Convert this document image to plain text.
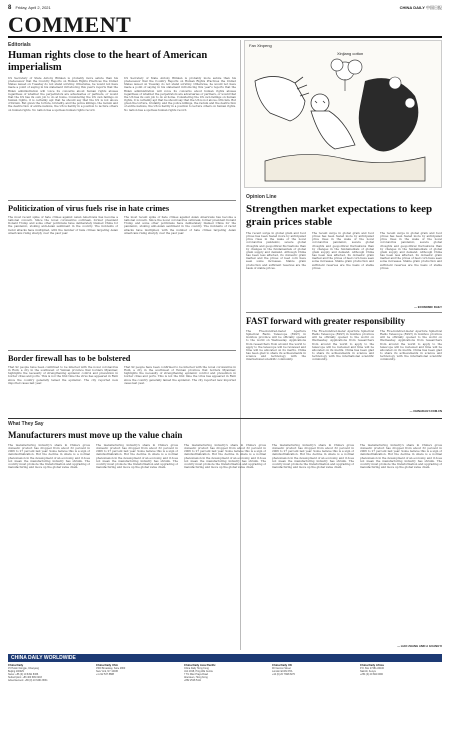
8 Friday, April 2, 2021	CHINA DAILY 中国日报
COMMENT
Editorials
Human rights close to the heart of American imperialism
US Secretary of State Antony Blinken is probably more astute than his predecessor that the Country Reports on Human Rights Practices the United States issued on Tuesday do not stand scrutiny. Otherwise, he would not have made a point of saying in his statement introducing this year's reports that the Biden administration will voice its concerns about human rights abuses regardless of whether the perpetrators are adversaries or partners, or would that the US has its own job to do at home. Considering the US own failings on human rights, it is certainly apt that he should say that the US is not above criticism. But given the torture, brutality, and the police killings, the racism and the destruction of entire nations, the US is hardly in a position to lecture others on human rights. No nation has a spotless human rights record.
US Secretary of State Antony Blinken is probably more astute than his predecessor that the Country Reports on Human Rights Practices the United States issued on Tuesday do not stand scrutiny. Otherwise, he would not have made a point of saying in his statement introducing this year's reports that the Biden administration will voice its concerns about human rights abuses regardless of whether the perpetrators are adversaries or partners, or would that the US has its own job to do at home. Considering the US own failings on human rights, it is certainly apt that he should say that the US is not above criticism. But given the torture, brutality, and the police killings, the racism and the destruction of entire nations, the US is hardly in a position to lecture others on human rights. No nation has a spotless human rights record.
Politicization of virus fuels rise in hate crimes
The most recent spike of hate crimes against Asian Americans has become a national concern. Since the novel coronavirus outbreak, former president Donald Trump and some other politicians have deliberately blamed China for the pandemic, stoking anti-Asian sentiment in the country. The incidents of racist attacks have multiplied, with the number of hate crimes targeting Asian Americans rising sharply over the past year.
The most recent spike of hate crimes against Asian Americans has become a national concern. Since the novel coronavirus outbreak, former president Donald Trump and some other politicians have deliberately blamed China for the pandemic, stoking anti-Asian sentiment in the country. The incidents of racist attacks have multiplied, with the number of hate crimes targeting Asian Americans rising sharply over the past year.
Border firewall has to be bolstered
That 92 people have been confirmed to be infected with the novel coronavirus in Ruili, a city in the southwest of Yunnan province that borders Myanmar, highlights the necessity of strengthening epidemic control and prevention in border cities and ports. This is not the first time the virus has appeared in Ruili since the country generally tamed the epidemic. The city reported new imported cases last year.
That 92 people have been confirmed to be infected with the novel coronavirus in Ruili, a city in the southwest of Yunnan province that borders Myanmar, highlights the necessity of strengthening epidemic control and prevention in border cities and ports. This is not the first time the virus has appeared in Ruili since the country generally tamed the epidemic. The city reported new imported cases last year.
Fan Xinpeng
Xinjiang cotton
Opinion Line
Strengthen market expectations to keep grain prices stable
The recent surge in global grain and food prices has been fueled more by anticipated price rises in the wake of the novel coronavirus pandemic, severe global droughts and geopolitical fluctuations than by changes in the fundamentals of global grain supply and demand. Although China has been less affected, its domestic grain market and the prices of feed corn have seen some increases. Stable grain production and sufficient reserves are the basis of stable prices.
The recent surge in global grain and food prices has been fueled more by anticipated price rises in the wake of the novel coronavirus pandemic, severe global droughts and geopolitical fluctuations than by changes in the fundamentals of global grain supply and demand. Although China has been less affected, its domestic grain market and the prices of feed corn have seen some increases. Stable grain production and sufficient reserves are the basis of stable prices.
The recent surge in global grain and food prices has been fueled more by anticipated price rises in the wake of the novel coronavirus pandemic, severe global droughts and geopolitical fluctuations than by changes in the fundamentals of global grain supply and demand. Although China has been less affected, its domestic grain market and the prices of feed corn have seen some increases. Stable grain production and sufficient reserves are the basis of stable prices.
— ECONOMIC DAILY
FAST forward with greater responsibility
The Five-hundred-meter Aperture Spherical Radio Telescope (FAST) in Guizhou province will be officially opened to the world on Wednesday. Applications from researchers from around the world to apply to the telescope will be reviewed and time will be allocated on its merits. China has been glad to share its achievements in science and technology with the international scientific community.
The Five-hundred-meter Aperture Spherical Radio Telescope (FAST) in Guizhou province will be officially opened to the world on Wednesday. Applications from researchers from around the world to apply to the telescope will be reviewed and time will be allocated on its merits. China has been glad to share its achievements in science and technology with the international scientific community.
The Five-hundred-meter Aperture Spherical Radio Telescope (FAST) in Guizhou province will be officially opened to the world on Wednesday. Applications from researchers from around the world to apply to the telescope will be reviewed and time will be allocated on its merits. China has been glad to share its achievements in science and technology with the international scientific community.
— CHINADAILY.COM.CN
What They Say
Manufacturers must move up the value chain
The manufacturing industry's share in China's gross domestic product has dropped from about 32 percent in 2006 to 27 percent last year. Some believe this is a sign of deindustrialization. But the decline in share is a normal phenomenon in the development of an economy, and it does not mean the manufacturing industry has shrunk. The country must promote the transformation and upgrading of manufacturing and move up the global value chain.
The manufacturing industry's share in China's gross domestic product has dropped from about 32 percent in 2006 to 27 percent last year. Some believe this is a sign of deindustrialization. But the decline in share is a normal phenomenon in the development of an economy, and it does not mean the manufacturing industry has shrunk. The country must promote the transformation and upgrading of manufacturing and move up the global value chain.
The manufacturing industry's share in China's gross domestic product has dropped from about 32 percent in 2006 to 27 percent last year. Some believe this is a sign of deindustrialization. But the decline in share is a normal phenomenon in the development of an economy, and it does not mean the manufacturing industry has shrunk. The country must promote the transformation and upgrading of manufacturing and move up the global value chain.
The manufacturing industry's share in China's gross domestic product has dropped from about 32 percent in 2006 to 27 percent last year. Some believe this is a sign of deindustrialization. But the decline in share is a normal phenomenon in the development of an economy, and it does not mean the manufacturing industry has shrunk. The country must promote the transformation and upgrading of manufacturing and move up the global value chain.
The manufacturing industry's share in China's gross domestic product has dropped from about 32 percent in 2006 to 27 percent last year. Some believe this is a sign of deindustrialization. But the decline in share is a normal phenomenon in the development of an economy, and it does not mean the manufacturing industry has shrunk. The country must promote the transformation and upgrading of manufacturing and move up the global value chain.
— LIAO ZHANG AND LI GUANGYI
CHINA DAILY WORLDWIDE
China Daily
15 Huixin Dongjie, Chaoyang
Beijing 100029
News: +86 (0) 10 6491 8366
Subscription: +86 400 699 0203
Advertisement: +86 (0) 10 6491 8631
China Daily USA
1500 Broadway, Suite 2800
New York, NY 10036
+1 212 537 8888
China Daily Asia Pacific
China Daily Hong Kong
Unit 1818, Hing Wai Centre
7 Tin Wan Praya Road
Aberdeen, Hong Kong
+852 2518 5111
China Daily UK
90 Cannon Street
London EC4N 6HA
+44 (0) 20 7398 8270
China Daily Africa
P.O. Box 27281-00100
Nairobi, Kenya
+254 (0) 20 692 0900
